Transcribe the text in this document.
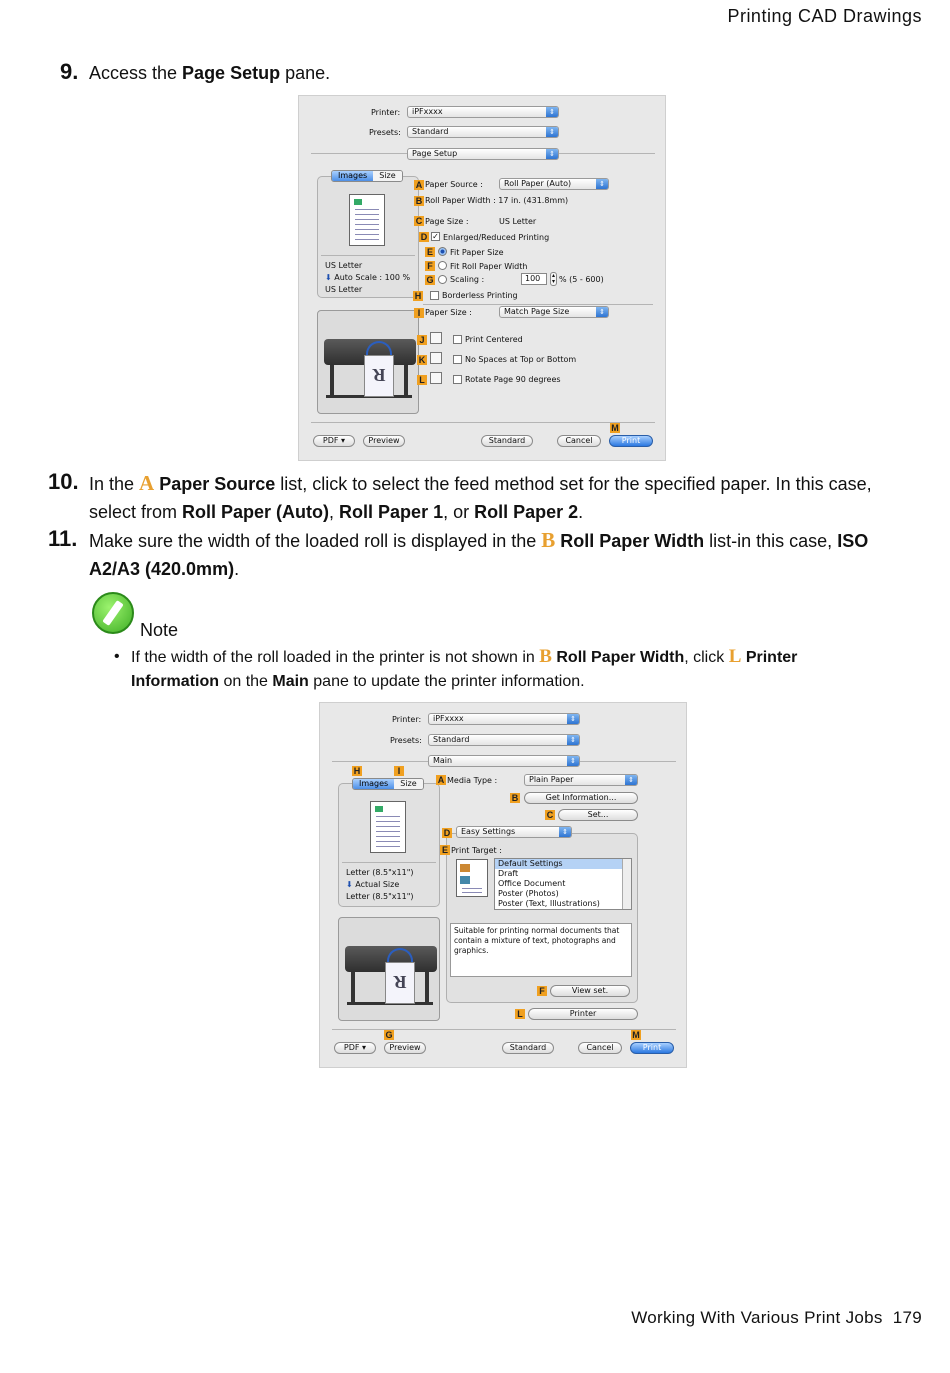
Printing CAD Drawings
Working With Various Print Jobs 179
9. Access the Page Setup pane.
Printer:	iPFxxxx	⇕
Presets:	Standard	⇕
Page Setup	⇕
Images	Size
US Letter
⬇ Auto Scale : 100 %
US Letter
R
A Paper Source :	Roll Paper (Auto)	⇕
B Roll Paper Width : 17 in. (431.8mm)
C Page Size :	US Letter
D ✓ Enlarged/Reduced Printing
E Fit Paper Size
F Fit Roll Paper Width
G Scaling :	100	▴
▾ % (5 - 600)
H	Borderless Printing
I Paper Size :	Match Page Size	⇕
J	Print Centered
K	No Spaces at Top or Bottom
L	Rotate Page 90 degrees
M
PDF ▾	Preview	Standard	Cancel	Print
10. In the A Paper Source list, click to select the feed method set for the specified paper. In this case, select from Roll Paper (Auto), Roll Paper 1, or Roll Paper 2.
11. Make sure the width of the loaded roll is displayed in the B Roll Paper Width list-in this case, ISO A2/A3 (420.0mm).
Note
• If the width of the roll loaded in the printer is not shown in B Roll Paper Width, click L Printer Information on the Main pane to update the printer information.
Printer:	iPFxxxx	⇕
Presets:	Standard	⇕
Main	⇕
H	I
Images	Size
Letter (8.5"x11")
⬇ Actual Size
Letter (8.5"x11")
R
A Media Type :	Plain Paper	⇕
B	Get Information...
C	Set...
D	Easy Settings	⇕
E Print Target :
Default Settings
Draft
Office Document
Poster (Photos)
Poster (Text, Illustrations)
Suitable for printing normal documents that contain a mixture of text, photographs and graphics.
F	View set.
L	Printer
G	M
PDF ▾	Preview	Standard	Cancel	Print
